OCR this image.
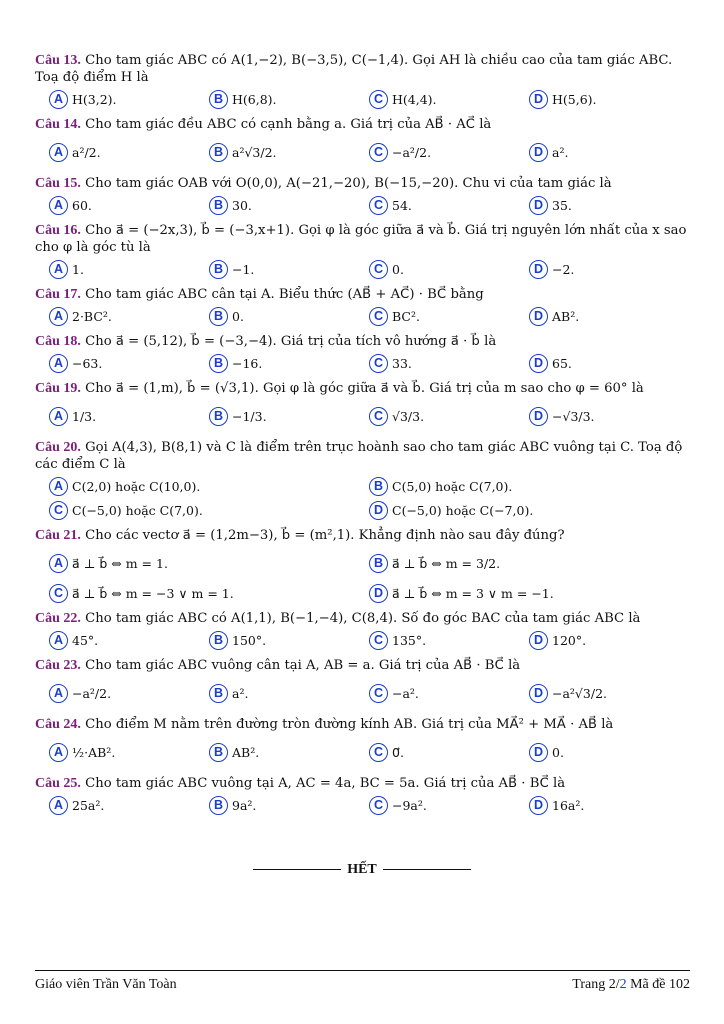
Câu 13. Cho tam giác ABC có A(1,−2), B(−3,5), C(−1,4). Gọi AH là chiều cao của tam giác ABC. Toạ độ điểm H là
A H(3,2).	B H(6,8).	C H(4,4).	D H(5,6).
Câu 14. Cho tam giác đều ABC có cạnh bằng a. Giá trị của AB⃗ · AC⃗ là
A a²/2.	B a²√3/2.	C −a²/2.	D a².
Câu 15. Cho tam giác OAB với O(0,0), A(−21,−20), B(−15,−20). Chu vi của tam giác là
A 60.	B 30.	C 54.	D 35.
Câu 16. Cho a⃗ = (−2x,3), b⃗ = (−3,x+1). Gọi φ là góc giữa a⃗ và b⃗. Giá trị nguyên lớn nhất của x sao cho φ là góc tù là
A 1.	B −1.	C 0.	D −2.
Câu 17. Cho tam giác ABC cân tại A. Biểu thức (AB⃗ + AC⃗) · BC⃗ bằng
A 2·BC².	B 0.	C BC².	D AB².
Câu 18. Cho a⃗ = (5,12), b⃗ = (−3,−4). Giá trị của tích vô hướng a⃗ · b⃗ là
A −63.	B −16.	C 33.	D 65.
Câu 19. Cho a⃗ = (1,m), b⃗ = (√3,1). Gọi φ là góc giữa a⃗ và b⃗. Giá trị của m sao cho φ = 60° là
A 1/3.	B −1/3.	C √3/3.	D −√3/3.
Câu 20. Gọi A(4,3), B(8,1) và C là điểm trên trục hoành sao cho tam giác ABC vuông tại C. Toạ độ các điểm C là
A C(2,0) hoặc C(10,0).	B C(5,0) hoặc C(7,0).
C C(−5,0) hoặc C(7,0).	D C(−5,0) hoặc C(−7,0).
Câu 21. Cho các vectơ a⃗ = (1,2m−3), b⃗ = (m²,1). Khẳng định nào sau đây đúng?
A a⃗ ⊥ b⃗ ⇔ m = 1.	B a⃗ ⊥ b⃗ ⇔ m = 3/2.
C a⃗ ⊥ b⃗ ⇔ m = −3 ∨ m = 1.	D a⃗ ⊥ b⃗ ⇔ m = 3 ∨ m = −1.
Câu 22. Cho tam giác ABC có A(1,1), B(−1,−4), C(8,4). Số đo góc BAC của tam giác ABC là
A 45°.	B 150°.	C 135°.	D 120°.
Câu 23. Cho tam giác ABC vuông cân tại A, AB = a. Giá trị của AB⃗ · BC⃗ là
A −a²/2.	B a².	C −a².	D −a²√3/2.
Câu 24. Cho điểm M nằm trên đường tròn đường kính AB. Giá trị của MA⃗² + MA⃗ · AB⃗ là
A ½·AB².	B AB².	C 0⃗.	D 0.
Câu 25. Cho tam giác ABC vuông tại A, AC = 4a, BC = 5a. Giá trị của AB⃗ · BC⃗ là
A 25a².	B 9a².	C −9a².	D 16a².
HẾT
Giáo viên Trần Văn Toàn	Trang 2/2 Mã đề 102
